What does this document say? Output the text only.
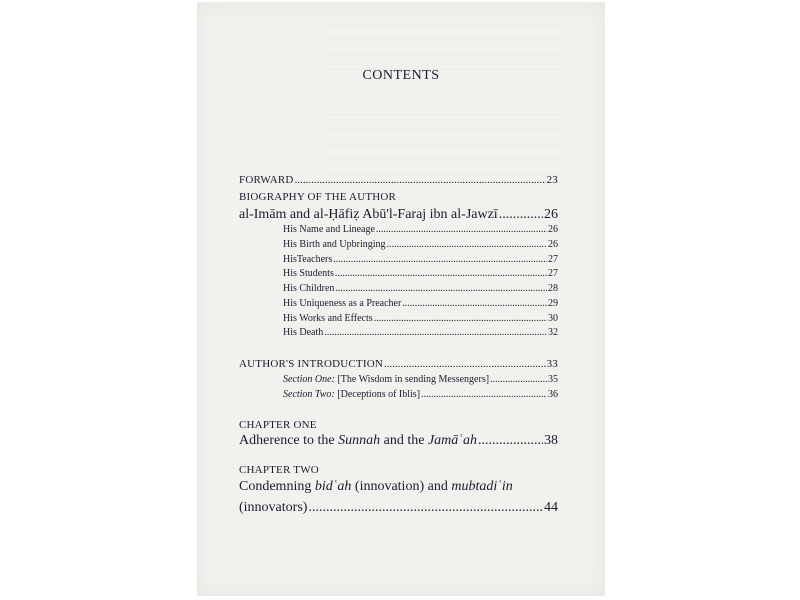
CONTENTS
FORWARD .....	23
BIOGRAPHY OF THE AUTHOR
al-Imām and al-Ḥāfiẓ Abū'l-Faraj ibn al-Jawzī .....	26
His Name and Lineage .....	26
His Birth and Upbringing .....	26
HisTeachers .....	27
His Students .....	27
His Children .....	28
His Uniqueness as a Preacher .....	29
His Works and Effects .....	30
His Death .....	32
AUTHOR'S INTRODUCTION .....	33
Section One: [The Wisdom in sending Messengers] .....	35
Section Two: [Deceptions of Iblis] .....	36
CHAPTER ONE
Adherence to the Sunnah and the Jamāʿah .....	38
CHAPTER TWO
Condemning bidʿah (innovation) and mubtadiʿin
(innovators) .....	44
